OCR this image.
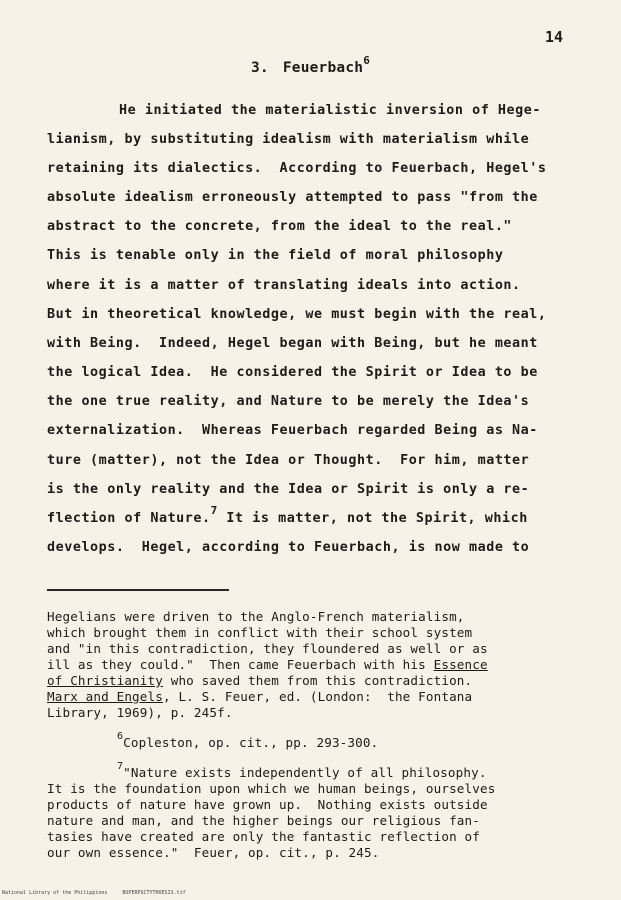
14
3. Feuerbach$^6$
He initiated the materialistic inversion of Hege-
lianism, by substituting idealism with materialism while
retaining its dialectics.  According to Feuerbach, Hegel's
absolute idealism erroneously attempted to pass "from the
abstract to the concrete, from the ideal to the real."
This is tenable only in the field of moral philosophy
where it is a matter of translating ideals into action.
But in theoretical knowledge, we must begin with the real,
with Being.  Indeed, Hegel began with Being, but he meant
the logical Idea.  He considered the Spirit or Idea to be
the one true reality, and Nature to be merely the Idea's
externalization.  Whereas Feuerbach regarded Being as Na-
ture (matter), not the Idea or Thought.  For him, matter
is the only reality and the Idea or Spirit is only a re-
flection of Nature.$^7$ It is matter, not the Spirit, which
develops.  Hegel, according to Feuerbach, is now made to
Hegelians were driven to the Anglo-French materialism,
which brought them in conflict with their school system
and "in this contradiction, they floundered as well or as
ill as they could."  Then came Feuerbach with his Essence
of Christianity who saved them from this contradiction.
Marx and Engels, L. S. Feuer, ed. (London:  the Fontana
Library, 1969), p. 245f.
$^6$Copleston, op. cit., pp. 293-300.
$^7$"Nature exists independently of all philosophy.
It is the foundation upon which we human beings, ourselves
products of nature have grown up.  Nothing exists outside
nature and man, and the higher beings our religious fan-
tasies have created are only the fantastic reflection of
our own essence."  Feuer, op. cit., p. 245.
National Library of the Philippines     BUPERPSCTYTHOESIS.tif
